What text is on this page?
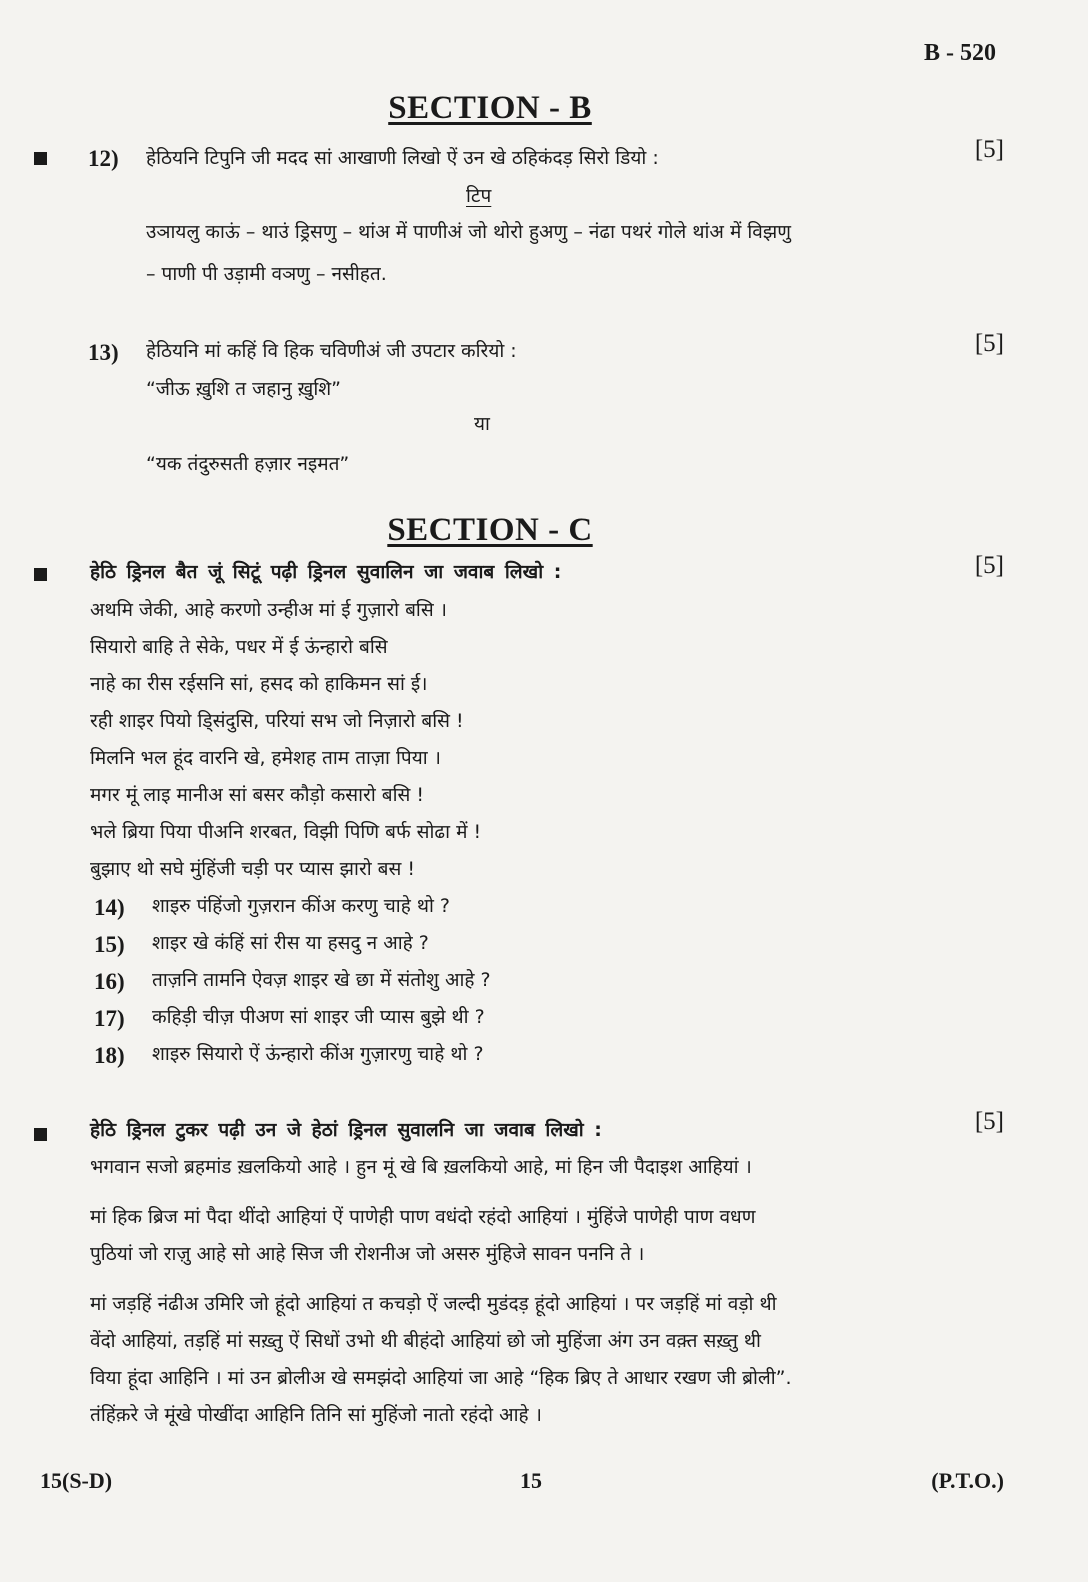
B - 520
SECTION - B
12) हेठियनि टिपुनि जी मदद सां आखाणी लिखो ऐं उन खे ठहिकंदड़ सिरो डियो :	[5]
टिप
उञायलु काऊं – थाउं ड्रिसणु – थांअ में पाणीअं जो थोरो हुअणु – नंढा पथरं गोले थांअ में विझणु
– पाणी पी उड़ामी वञणु – नसीहत.
13) हेठियनि मां कहिं वि हिक चविणीअं जी उपटार करियो :	[5]
“जीऊ ख़ुशि त जहानु ख़ुशि”
या
“यक तंदुरुसती हज़ार नइमत”
SECTION - C
हेठि ड्रिनल बैत जूं सिटूं पढ़ी ड्रिनल सुवालिन जा जवाब लिखो :	[5]
अथमि जेकी, आहे करणो उन्हीअ मां ई गुज़ारो बसि ।
सियारो बाहि ते सेके, पधर में ई ऊंन्हारो बसि
नाहे का रीस रईसनि सां, हसद को हाकिमन सां ई।
रही शाइर पियो डि्संदुसि, परियां सभ जो निज़ारो बसि !
मिलनि भल हूंद वारनि खे, हमेशह ताम ताज़ा पिया ।
मगर मूं लाइ मानीअ सां बसर कौड़ो कसारो बसि !
भले ब्रिया पिया पीअनि शरबत, विझी पिणि बर्फ सोढा में !
बुझाए थो सघे मुंहिंजी चड़ी पर प्यास झारो बस !
14) शाइरु पंहिंजो गुज़रान कींअ करणु चाहे थो ?
15) शाइर खे कंहिं सां रीस या हसदु न आहे ?
16) ताज़नि तामनि ऐवज़ शाइर खे छा में संतोशु आहे ?
17) कहिड़ी चीज़ पीअण सां शाइर जी प्यास बुझे थी ?
18) शाइरु सियारो ऐं ऊंन्हारो कींअ गुज़ारणु चाहे थो ?
हेठि ड्रिनल टुकर पढ़ी उन जे हेठां ड्रिनल सुवालनि जा जवाब लिखो :	[5]
भगवान सजो ब्रहमांड ख़लकियो आहे । हुन मूं खे बि ख़लकियो आहे, मां हिन जी पैदाइश आहियां ।
मां हिक ब्रिज मां पैदा थींदो आहियां ऐं पाणेही पाण वधंदो रहंदो आहियां । मुंहिंजे पाणेही पाण वधण
पुठियां जो राज़ु आहे सो आहे सिज जी रोशनीअ जो असरु मुंहिजे सावन पननि ते ।
मां जड़हिं नंढीअ उमिरि जो हूंदो आहियां त कचड़ो ऐं जल्दी मुडंदड़ हूंदो आहियां । पर जड़हिं मां वड़ो थी
वेंदो आहियां, तड़हिं मां सख़्तु ऐं सिधों उभो थी बीहंदो आहियां छो जो मुहिंजा अंग उन वक़्त सख़्तु थी
विया हूंदा आहिनि । मां उन ब्रोलीअ खे समझंदो आहियां जा आहे “हिक ब्रिए ते आधार रखण जी ब्रोली”.
तंहिंक़रे जे मूंखे पोखींदा आहिनि तिनि सां मुहिंजो नातो रहंदो आहे ।
15(S-D)	15	(P.T.O.)
